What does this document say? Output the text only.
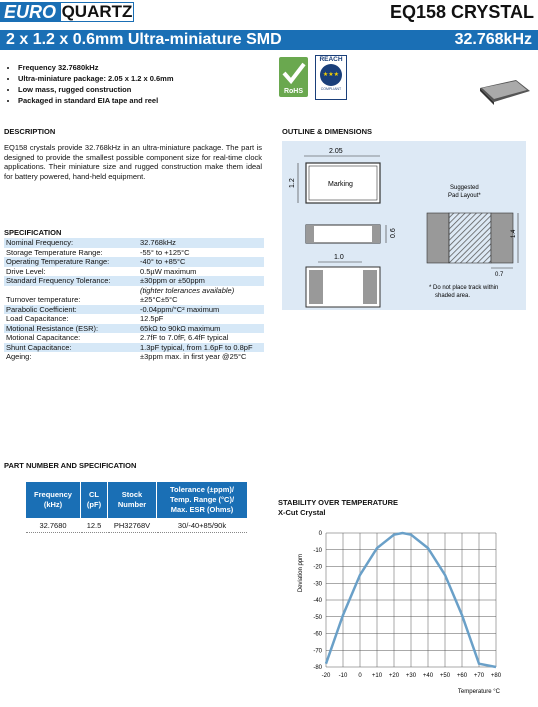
EURO QUARTZ	EQ158 CRYSTAL
2 x 1.2 x 0.6mm Ultra-miniature SMD	32.768kHz
• Frequency 32.7680kHz
• Ultra-miniature package: 2.05 x 1.2 x 0.6mm
• Low mass, rugged construction
• Packaged in standard EIA tape and reel
RoHS
REACH
★★★
COMPLIANT
DESCRIPTION
EQ158 crystals provide 32.768kHz in an ultra-miniature package. The part is designed to provide the smallest possible component size for real-time clock applications. Their miniature size and rugged construction make them ideal for battery powered, hand-held equipment.
OUTLINE & DIMENSIONS
2.05
Marking
1.2
0.6
1.0
Suggested
Pad Layout*
1.4
0.7
* Do not place track within
shaded area.
SPECIFICATION
Nominal Frequency:	32.768kHz
Storage Temperature Range:	-55° to +125°C
Operating Temperature Range:	-40° to +85°C
Drive Level:	0.5µW maximum
Standard Frequency Tolerance:	±30ppm or ±50ppm
	(tighter tolerances available)
Turnover temperature:	±25°C±5°C
Parabolic Coefficient:	-0.04ppm/°C² maximum
Load Capacitance:	12.5pF
Motional Resistance (ESR):	65kΩ to 90kΩ maximum
Motional Capacitance:	2.7fF to 7.0fF, 6.4fF typical
Shunt Capacitance:	1.3pF typical, from 1.6pF to 0.8pF
Ageing:	±3ppm max. in first year @25°C
PART NUMBER AND SPECIFICATION
Frequency (kHz)	CL (pF)	Stock Number	Tolerance (±ppm)/ Temp. Range (°C)/ Max. ESR (Ohms)
32.7680	12.5	PH32768V	30/-40+85/90k
STABILITY OVER TEMPERATURE
X-Cut Crystal
0
-10
-20
-30
-40
-50
-60
-70
-80
-20 -10 0 +10 +20 +30 +40 +50 +60 +70 +80
Deviation ppm
Temperature °C
